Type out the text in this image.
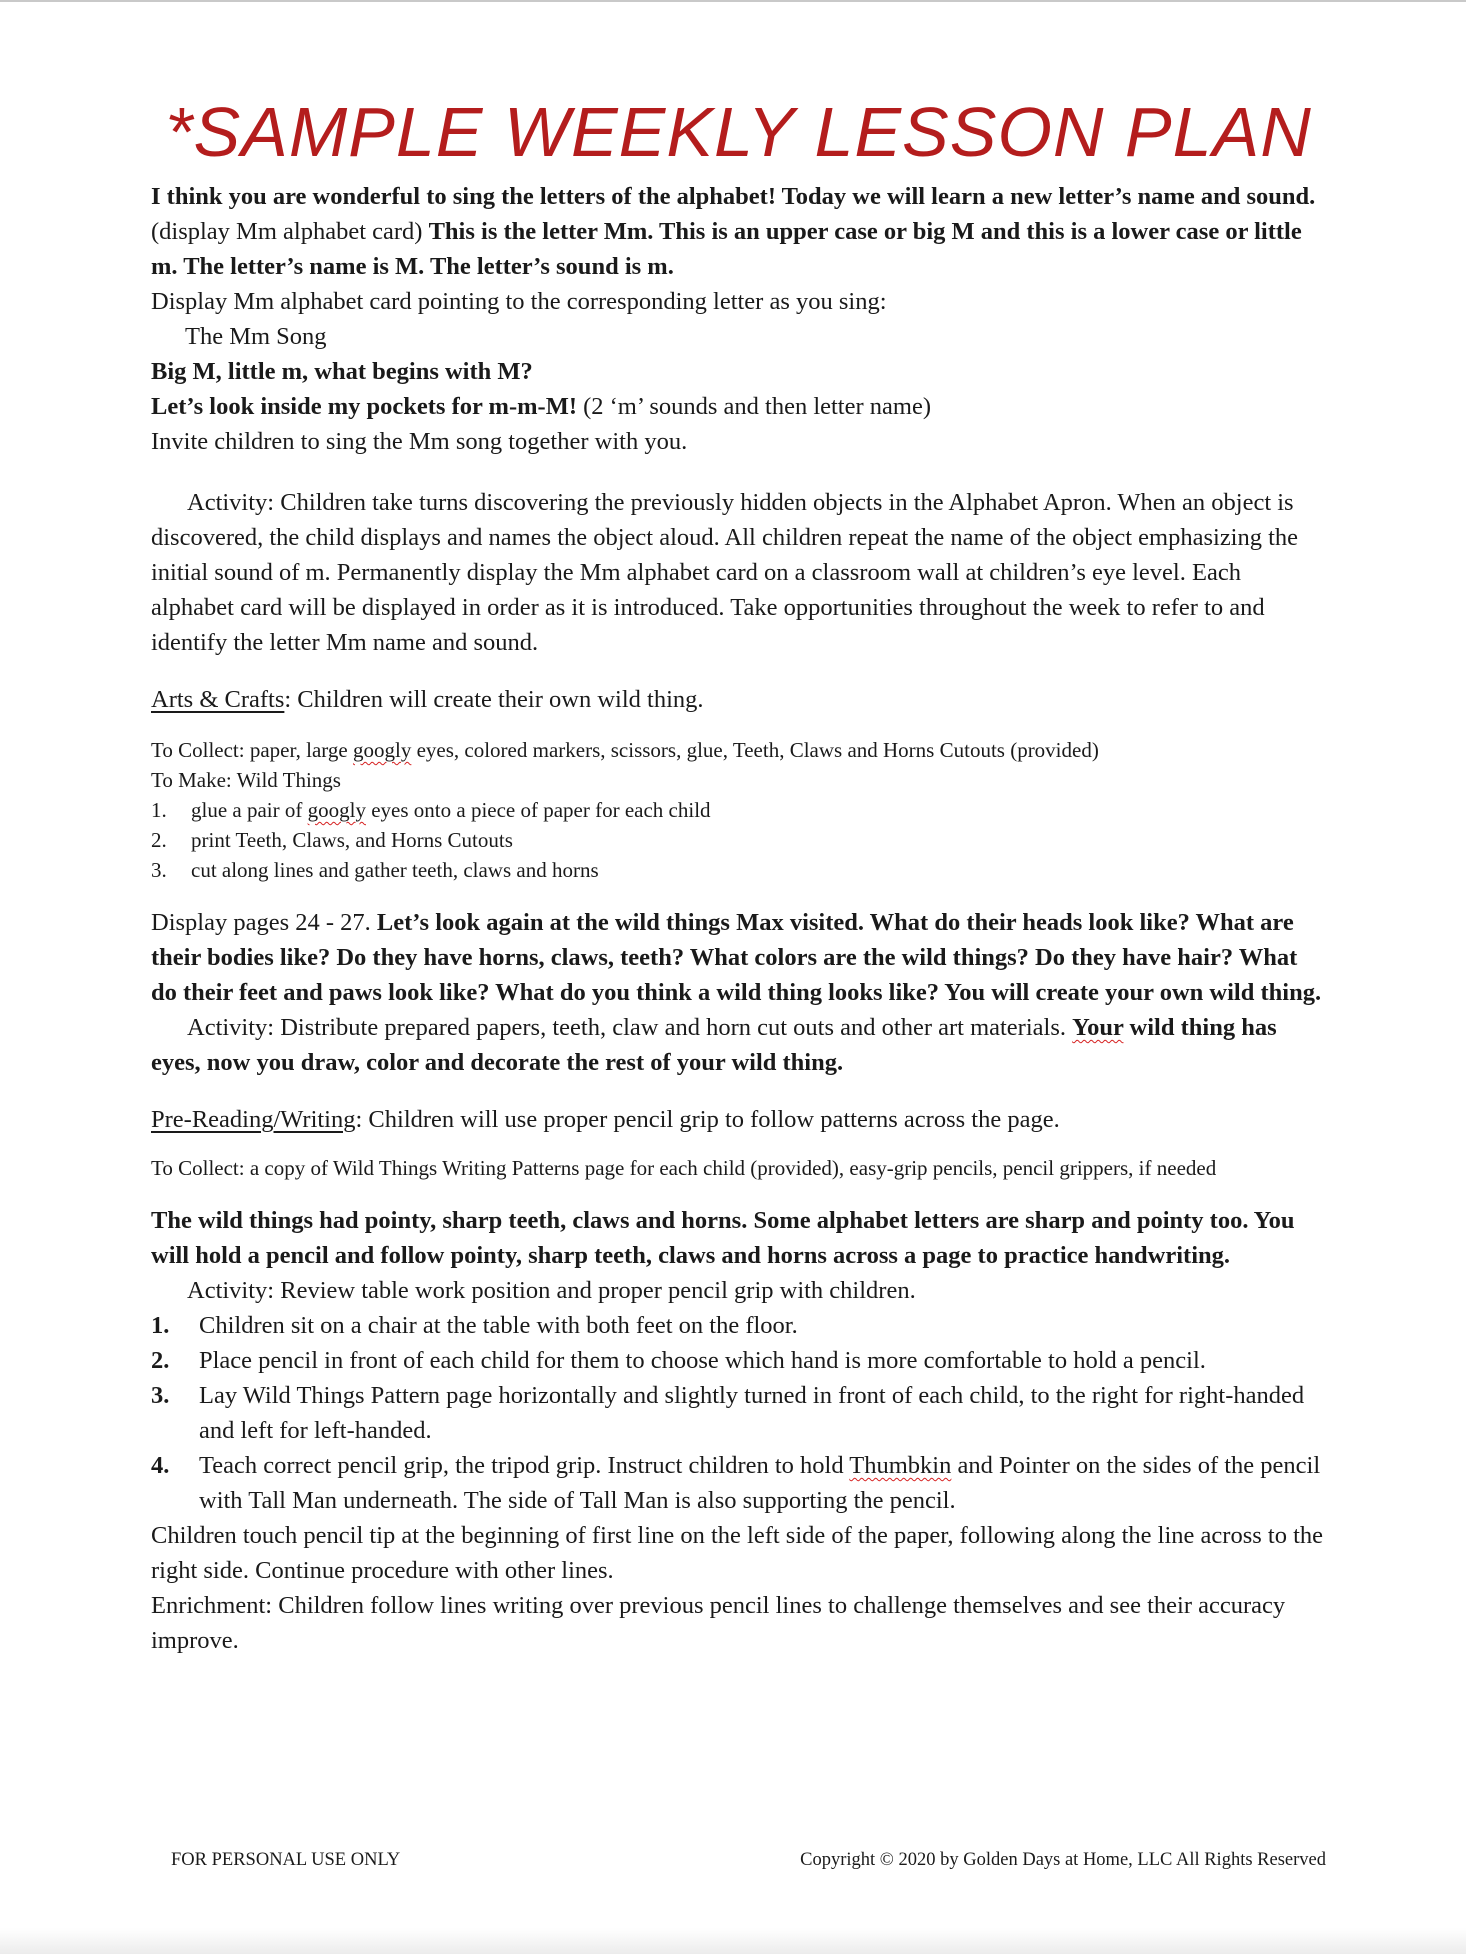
*SAMPLE WEEKLY LESSON PLAN

I think you are wonderful to sing the letters of the alphabet! Today we will learn a new letter’s name and sound. (display Mm alphabet card) This is the letter Mm. This is an upper case or big M and this is a lower case or little m. The letter’s name is M. The letter’s sound is m.

Display Mm alphabet card pointing to the corresponding letter as you sing:

The Mm Song

Big M, little m, what begins with M?

Let’s look inside my pockets for m-m-M! (2 ‘m’ sounds and then letter name)

Invite children to sing the Mm song together with you.

Activity: Children take turns discovering the previously hidden objects in the Alphabet Apron. When an object is discovered, the child displays and names the object aloud. All children repeat the name of the object emphasizing the initial sound of m. Permanently display the Mm alphabet card on a classroom wall at children’s eye level. Each alphabet card will be displayed in order as it is introduced. Take opportunities throughout the week to refer to and identify the letter Mm name and sound.

Arts & Crafts: Children will create their own wild thing.

To Collect: paper, large googly eyes, colored markers, scissors, glue, Teeth, Claws and Horns Cutouts (provided)

To Make: Wild Things

1. glue a pair of googly eyes onto a piece of paper for each child
2. print Teeth, Claws, and Horns Cutouts
3. cut along lines and gather teeth, claws and horns

Display pages 24 - 27. Let’s look again at the wild things Max visited. What do their heads look like? What are their bodies like? Do they have horns, claws, teeth? What colors are the wild things? Do they have hair? What do their feet and paws look like? What do you think a wild thing looks like? You will create your own wild thing.

Activity: Distribute prepared papers, teeth, claw and horn cut outs and other art materials. Your wild thing has eyes, now you draw, color and decorate the rest of your wild thing.

Pre-Reading/Writing: Children will use proper pencil grip to follow patterns across the page.

To Collect: a copy of Wild Things Writing Patterns page for each child (provided), easy-grip pencils, pencil grippers, if needed

The wild things had pointy, sharp teeth, claws and horns. Some alphabet letters are sharp and pointy too. You will hold a pencil and follow pointy, sharp teeth, claws and horns across a page to practice handwriting.

Activity: Review table work position and proper pencil grip with children.

1. Children sit on a chair at the table with both feet on the floor.
2. Place pencil in front of each child for them to choose which hand is more comfortable to hold a pencil.
3. Lay Wild Things Pattern page horizontally and slightly turned in front of each child, to the right for right-handed and left for left-handed.
4. Teach correct pencil grip, the tripod grip. Instruct children to hold Thumbkin and Pointer on the sides of the pencil with Tall Man underneath. The side of Tall Man is also supporting the pencil.

Children touch pencil tip at the beginning of first line on the left side of the paper, following along the line across to the right side. Continue procedure with other lines.

Enrichment: Children follow lines writing over previous pencil lines to challenge themselves and see their accuracy improve.

FOR PERSONAL USE ONLY	Copyright © 2020 by Golden Days at Home, LLC All Rights Reserved
